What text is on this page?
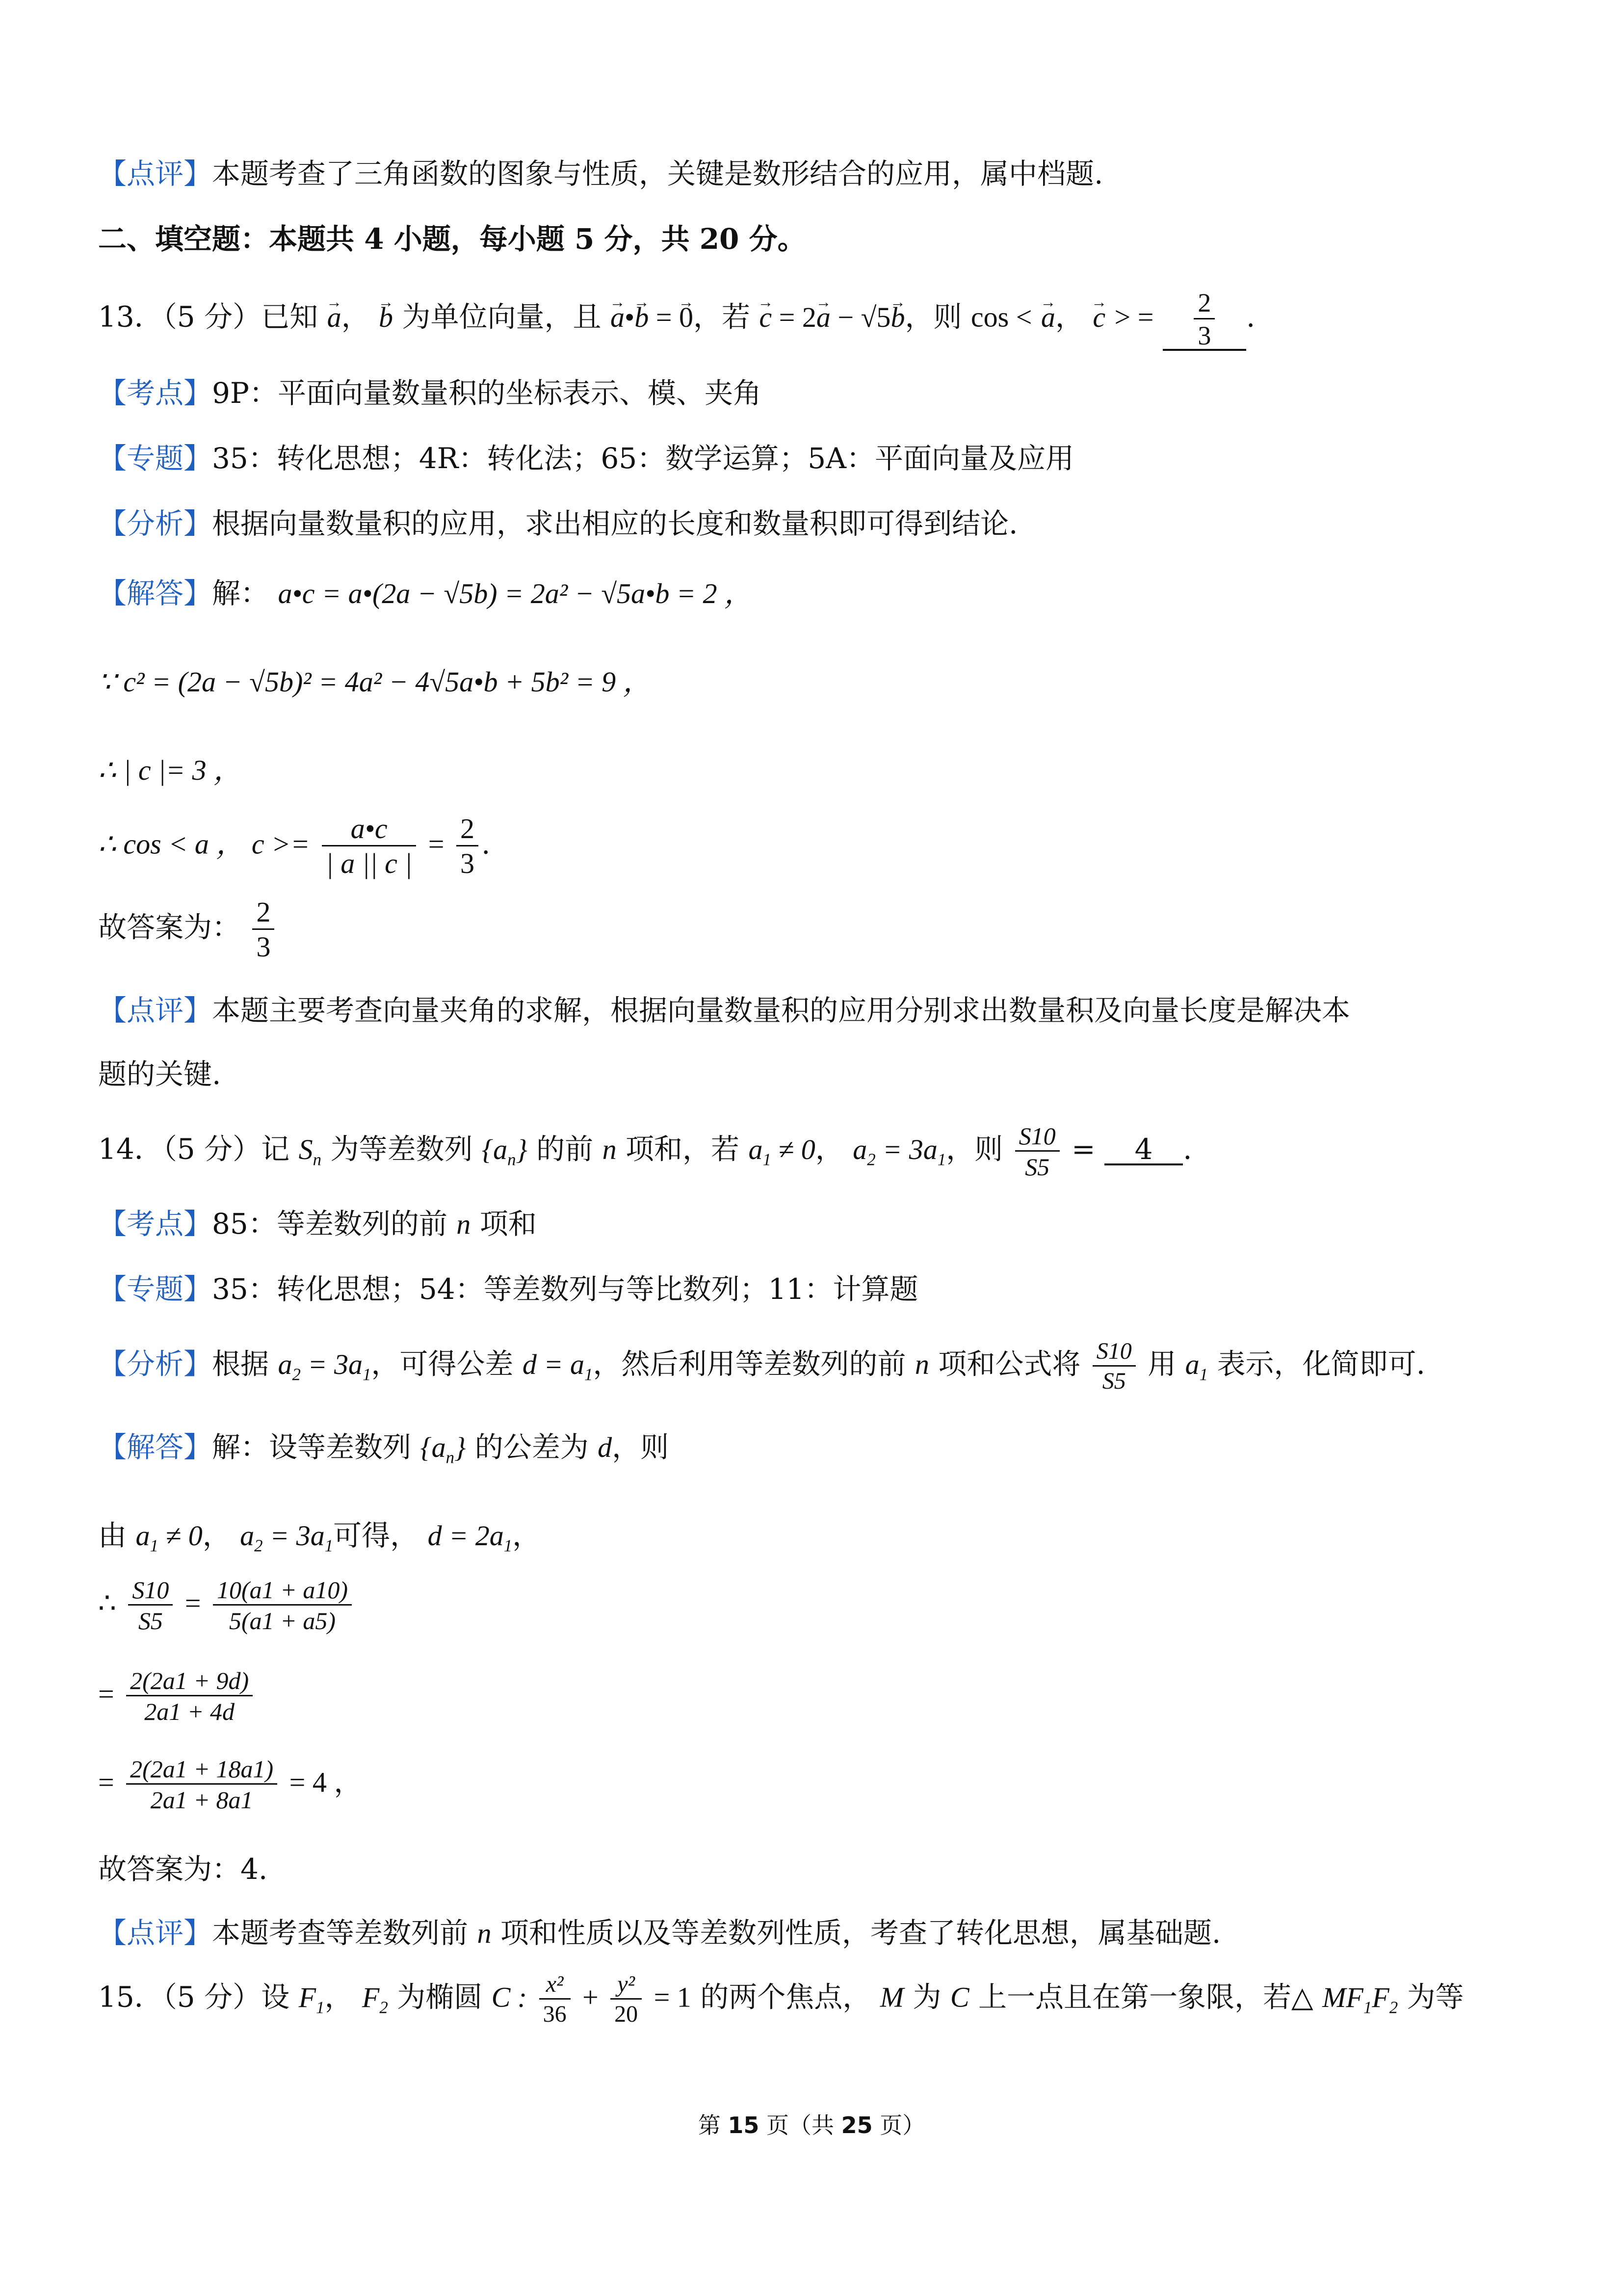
【点评】本题考查了三角函数的图象与性质，关键是数形结合的应用，属中档题.
二、填空题：本题共 4 小题，每小题 5 分，共 20 分。
13．（5 分）已知 → a， → b 为单位向量，且 → a•→ b = → 0，若 → c = 2→ a − √5→ b，则 cos < → a， → c > = $\frac{2}{3}$ .
【考点】9P：平面向量数量积的坐标表示、模、夹角
【专题】35：转化思想；4R：转化法；65：数学运算；5A：平面向量及应用
【分析】根据向量数量积的应用，求出相应的长度和数量积即可得到结论.
【解答】解： a•c = a•(2a − √5b) = 2a² − √5a•b = 2 ，
∵ c² = (2a − √5b)² = 4a² − 4√5a•b + 5b² = 9 ，
∴ | c |= 3 ，
∴ cos < a ， $c >= \frac{a•c}{| a || c |} = \frac{2}{3}$ .
故答案为： $\frac{2}{3}$
【点评】本题主要考查向量夹角的求解，根据向量数量积的应用分别求出数量积及向量长度是解决本
题的关键.
14．（5 分）记 $S_n$ 为等差数列 $\{a_n\}$ 的前 n 项和，若 $a_1 \ne 0$， $a_2 = 3a_1$，则 $\frac{S10}{S5} = 4$ .
【考点】85：等差数列的前 n 项和
【专题】35：转化思想；54：等差数列与等比数列；11：计算题
【分析】根据 $a_2 = 3a_1$，可得公差 $d = a_1$，然后利用等差数列的前 n 项和公式将 $\frac{S10}{S5}$ 用 $a_1$ 表示，化简即可.
【解答】解：设等差数列 $\{a_n\}$ 的公差为 d，则
由 $a_1 \ne 0$， $a_2 = 3a_1$可得， $d = 2a_1$，
∴ $\frac{S10}{S5} = \frac{10(a1 + a10)}{5(a1 + a5)}$
= $\frac{2(2a1 + 9d)}{2a1 + 4d}$
= $\frac{2(2a1 + 18a1)}{2a1 + 8a1} = 4$ ，
故答案为：4.
【点评】本题考查等差数列前 n 项和性质以及等差数列性质，考查了转化思想，属基础题.
15．（5 分）设 $F_1$， $F_2$ 为椭圆 C : $\frac{\text{x²}}{36} + \frac{\text{y²}}{20} = 1$ 的两个焦点， M 为 C 上一点且在第一象限，若△ $MF_1F_2$ 为等
第 15 页（共 25 页）
